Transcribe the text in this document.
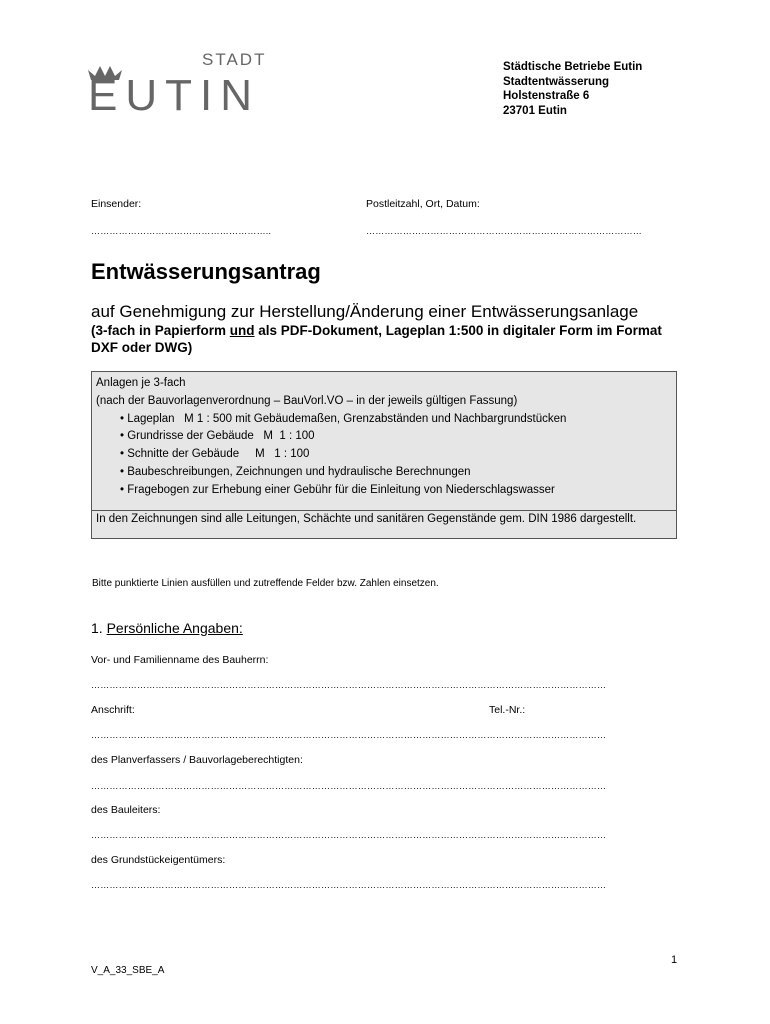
STADT
EUTIN
Städtische Betriebe Eutin
Stadtentwässerung
Holstenstraße 6
23701 Eutin
Einsender:
…………………………………………………..
Postleitzahl, Ort, Datum:
………………………………………………………………………………
Entwässerungsantrag
auf Genehmigung zur Herstellung/Änderung einer Entwässerungsanlage
(3-fach in Papierform und als PDF-Dokument, Lageplan 1:500 in digitaler Form im Format DXF oder DWG)
Anlagen je 3-fach
(nach der Bauvorlagenverordnung – BauVorl.VO – in der jeweils gültigen Fassung)
• Lageplan   M 1 : 500 mit Gebäudemaßen, Grenzabständen und Nachbargrundstücken
• Grundrisse der Gebäude   M  1 : 100
• Schnitte der Gebäude     M   1 : 100
• Baubeschreibungen, Zeichnungen und hydraulische Berechnungen
• Fragebogen zur Erhebung einer Gebühr für die Einleitung von Niederschlagswasser
In den Zeichnungen sind alle Leitungen, Schächte und sanitären Gegenstände gem. DIN 1986 dargestellt.
Bitte punktierte Linien ausfüllen und zutreffende Felder bzw. Zahlen einsetzen.
1. Persönliche Angaben:
Vor- und Familienname des Bauherrn:
……………………………………………………………………………………………………………………………………………………
Anschrift:	Tel.-Nr.:
……………………………………………………………………………………………………………………………………………………
des Planverfassers / Bauvorlageberechtigten:
……………………………………………………………………………………………………………………………………………………
des Bauleiters:
……………………………………………………………………………………………………………………………………………………
des Grundstückeigentümers:
……………………………………………………………………………………………………………………………………………………
1
V_A_33_SBE_A
